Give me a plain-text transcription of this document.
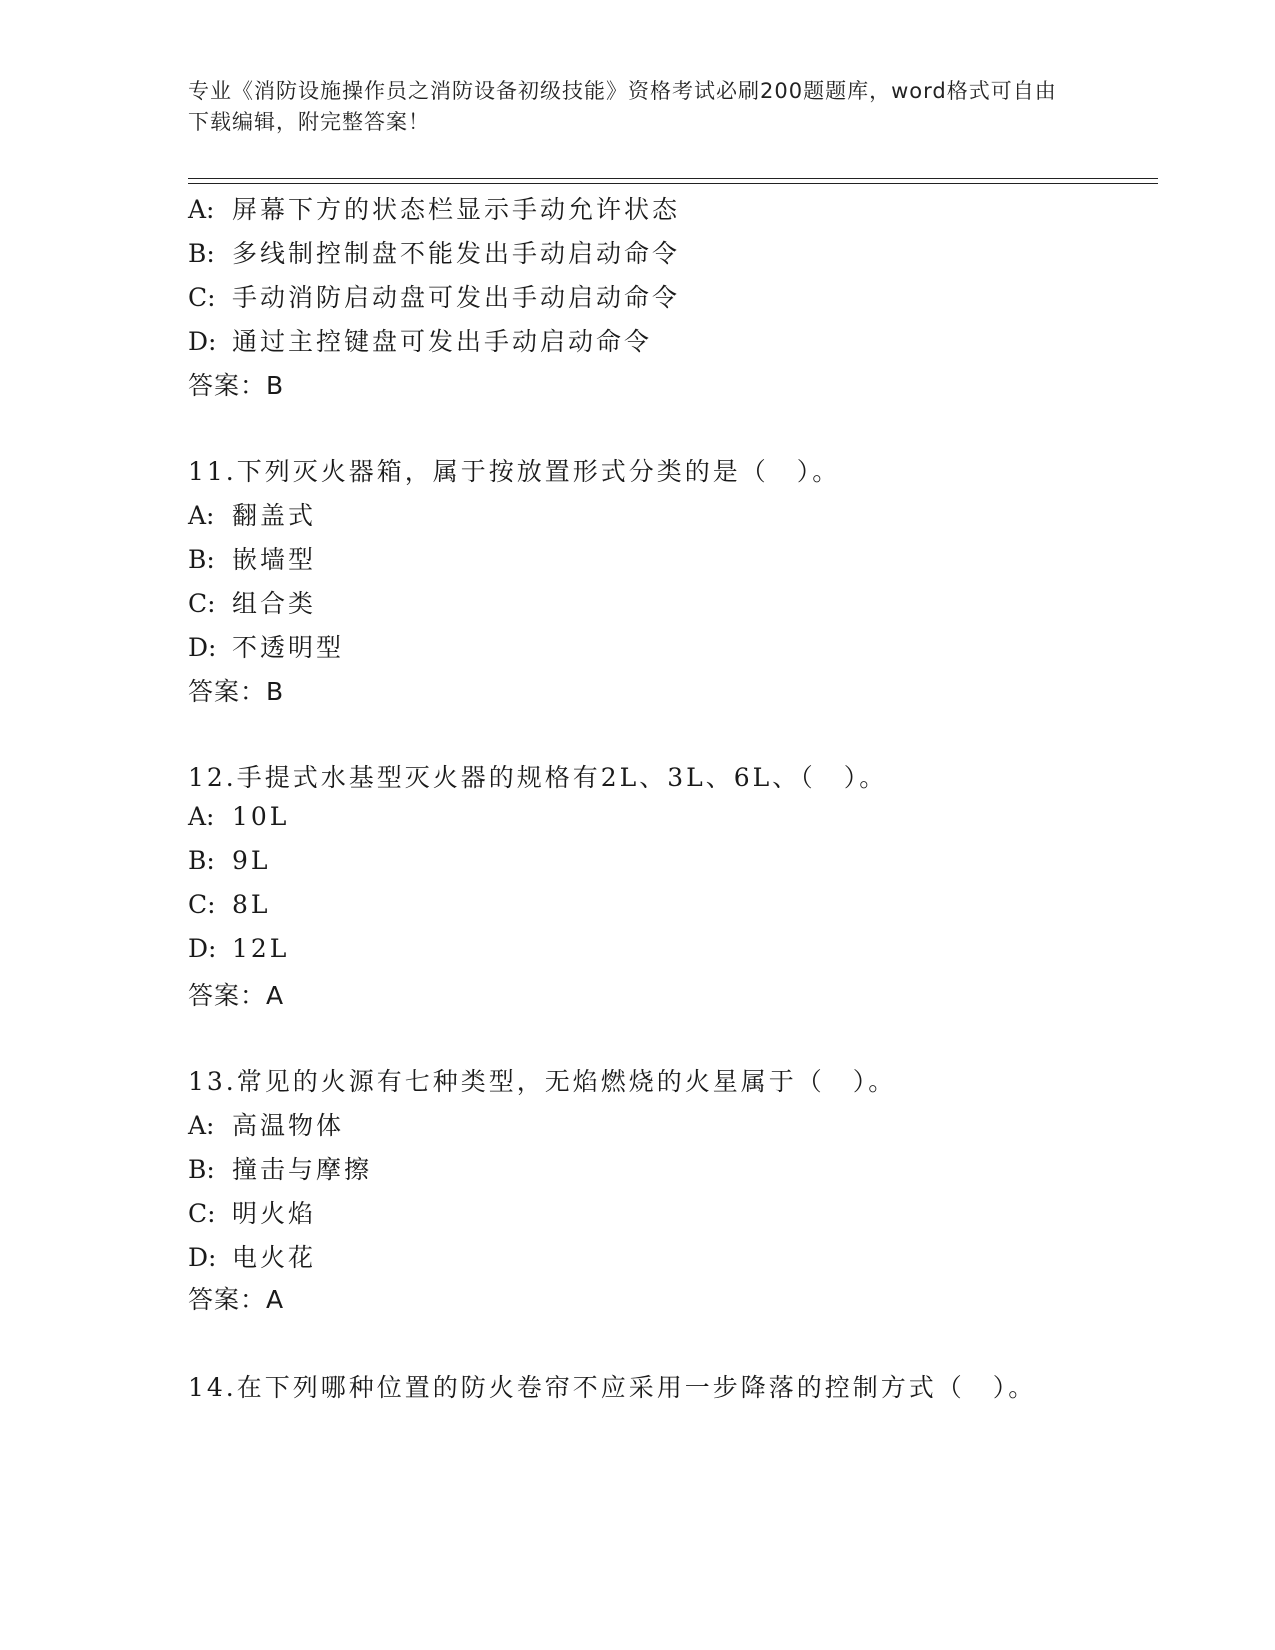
专业《消防设施操作员之消防设备初级技能》资格考试必刷200题题库，word格式可自由下载编辑，附完整答案！
A: 屏幕下方的状态栏显示手动允许状态
B: 多线制控制盘不能发出手动启动命令
C: 手动消防启动盘可发出手动启动命令
D: 通过主控键盘可发出手动启动命令
答案：B
11.下列灭火器箱，属于按放置形式分类的是（　）。
A: 翻盖式
B: 嵌墙型
C: 组合类
D: 不透明型
答案：B
12.手提式水基型灭火器的规格有2L、3L、6L、（　）。
A: 10L
B: 9L
C: 8L
D: 12L
答案：A
13.常见的火源有七种类型，无焰燃烧的火星属于（　）。
A: 高温物体
B: 撞击与摩擦
C: 明火焰
D: 电火花
答案：A
14.在下列哪种位置的防火卷帘不应采用一步降落的控制方式（　）。
